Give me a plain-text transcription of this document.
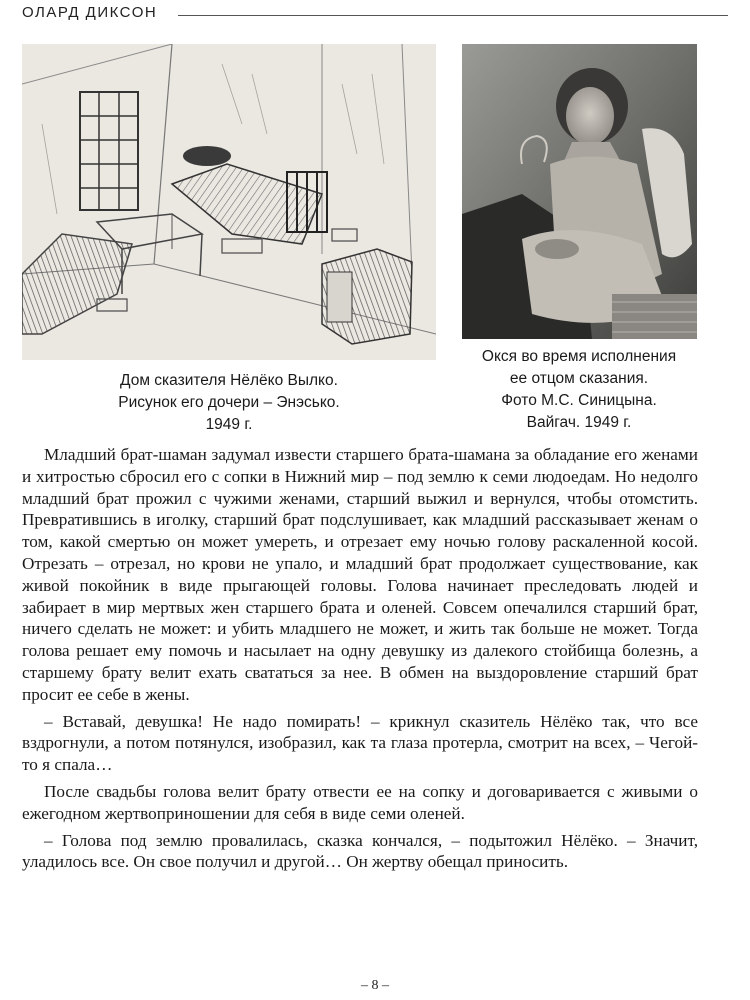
ОЛАРД ДИКСОН
Дом сказителя Нёлёко Вылко.
Рисунок его дочери – Энэсько.
1949 г.
Окся во время исполнения
ее отцом сказания.
Фото М.С. Синицына.
Вайгач. 1949 г.

Младший брат-шаман задумал извести старшего брата-шамана за обладание его женами и хитростью сбросил его с сопки в Нижний мир – под землю к семи людоедам. Но недолго младший брат прожил с чужими женами, старший выжил и вернулся, чтобы отомстить. Превратившись в иголку, старший брат подслушивает, как младший рассказывает женам о том, какой смертью он может умереть, и отрезает ему ночью голову раскаленной косой. Отрезать – отрезал, но крови не упало, и младший брат продолжает существование, как живой покойник в виде прыгающей головы. Голова начинает преследовать людей и забирает в мир мертвых жен старшего брата и оленей. Совсем опечалился старший брат, ничего сделать не может: и убить младшего не может, и жить так больше не может. Тогда голова решает ему помочь и насылает на одну девушку из далекого стойбища болезнь, а старшему брату велит ехать свататься за нее. В обмен на выздоровление старший брат просит ее себе в жены.

– Вставай, девушка! Не надо помирать! – крикнул сказитель Нёлёко так, что все вздрогнули, а потом потянулся, изобразил, как та глаза протерла, смотрит на всех, – Чегой-то я спала…

После свадьбы голова велит брату отвести ее на сопку и договаривается с живыми о ежегодном жертвоприношении для себя в виде семи оленей.

– Голова под землю провалилась, сказка кончался, – подытожил Нёлёко. – Значит, уладилось все. Он свое получил и другой… Он жертву обещал приносить.

– 8 –
